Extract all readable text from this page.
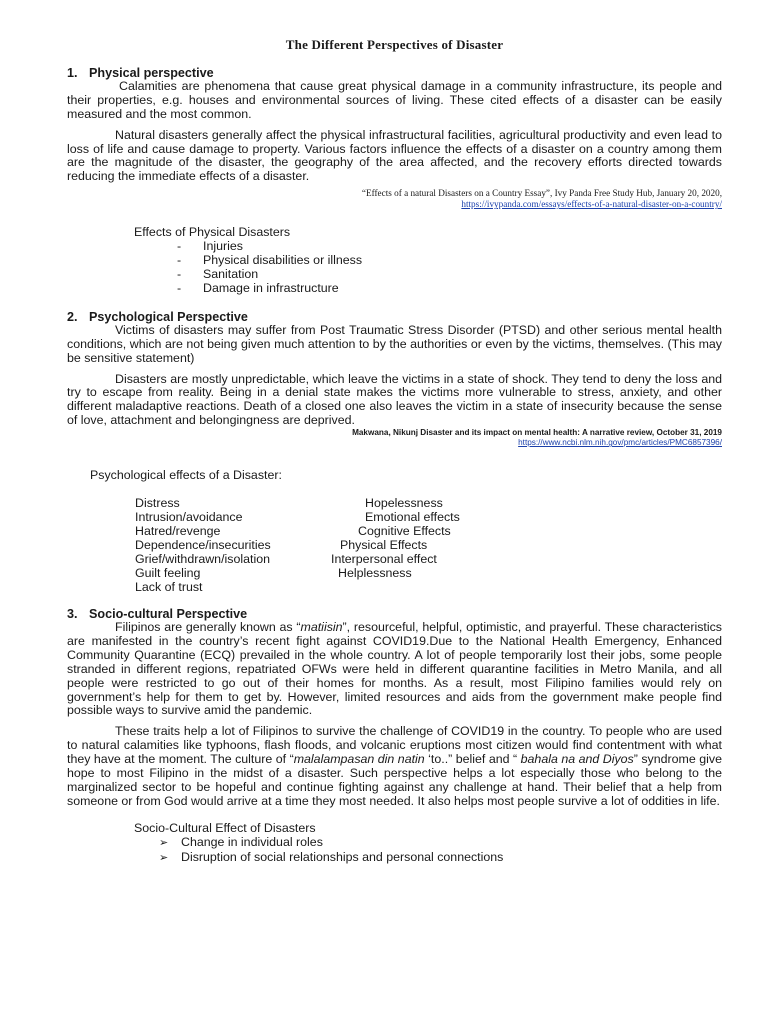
The Different Perspectives of Disaster
1. Physical perspective

Calamities are phenomena that cause great physical damage in a community infrastructure, its people and their properties, e.g. houses and environmental sources of living. These cited effects of a disaster can be easily measured and the most common.

Natural disasters generally affect the physical infrastructural facilities, agricultural productivity and even lead to loss of life and cause damage to property. Various factors influence the effects of a disaster on a country among them are the magnitude of the disaster, the geography of the area affected, and the recovery efforts directed towards reducing the immediate effects of a disaster.

“Effects of a natural Disasters on a Country Essay”, Ivy Panda Free Study Hub, January 20, 2020,
https://ivypanda.com/essays/effects-of-a-natural-disaster-on-a-country/
Effects of Physical Disasters
- Injuries
- Physical disabilities or illness
- Sanitation
- Damage in infrastructure
2. Psychological Perspective

Victims of disasters may suffer from Post Traumatic Stress Disorder (PTSD) and other serious mental health conditions, which are not being given much attention to by the authorities or even by the victims, themselves. (This may be sensitive statement)

Disasters are mostly unpredictable, which leave the victims in a state of shock. They tend to deny the loss and try to escape from reality. Being in a denial state makes the victims more vulnerable to stress, anxiety, and other different maladaptive reactions. Death of a closed one also leaves the victim in a state of insecurity because the sense of love, attachment and belongingness are deprived.

Makwana, Nikunj Disaster and its impact on mental health: A narrative review, October 31, 2019
https://www.ncbi.nlm.nih.gov/pmc/articles/PMC6857396/
Psychological effects of a Disaster:
Distress	Hopelessness
Intrusion/avoidance	Emotional effects
Hatred/revenge	Cognitive Effects
Dependence/insecurities	Physical Effects
Grief/withdrawn/isolation	Interpersonal effect
Guilt feeling	Helplessness
Lack of trust
3. Socio-cultural Perspective

Filipinos are generally known as “matiisin”, resourceful, helpful, optimistic, and prayerful. These characteristics are manifested in the country’s recent fight against COVID19.Due to the National Health Emergency, Enhanced Community Quarantine (ECQ) prevailed in the whole country. A lot of people temporarily lost their jobs, some people stranded in different regions, repatriated OFWs were held in different quarantine facilities in Metro Manila, and all people were restricted to go out of their homes for months. As a result, most Filipino families would rely on government’s help for them to get by. However, limited resources and aids from the government make people find possible ways to survive amid the pandemic.

These traits help a lot of Filipinos to survive the challenge of COVID19 in the country. To people who are used to natural calamities like typhoons, flash floods, and volcanic eruptions most citizen would find contentment with what they have at the moment. The culture of “malalampasan din natin ‘to..” belief and “ bahala na and Diyos” syndrome give hope to most Filipino in the midst of a disaster. Such perspective helps a lot especially those who belong to the marginalized sector to be hopeful and continue fighting against any challenge at hand. Their belief that a help from someone or from God would arrive at a time they most needed. It also helps most people survive a lot of oddities in life.

Socio-Cultural Effect of Disasters
➢ Change in individual roles
➢ Disruption of social relationships and personal connections
